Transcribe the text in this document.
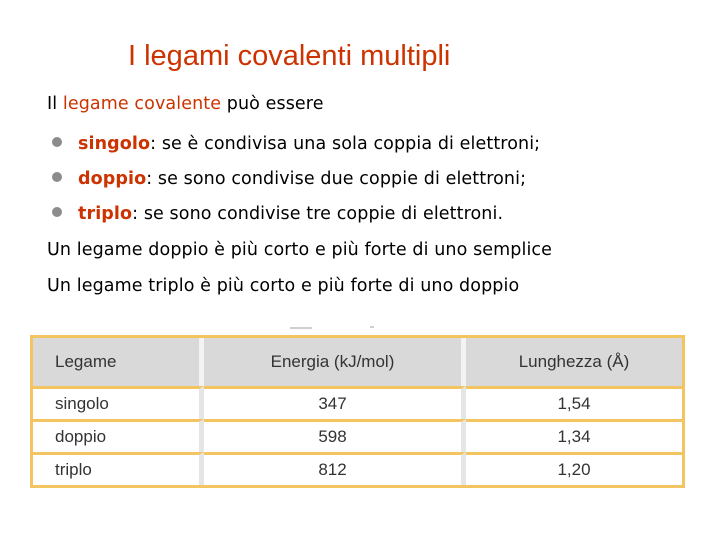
I legami covalenti multipli
Il legame covalente può essere
singolo: se è condivisa una sola coppia di elettroni;
doppio: se sono condivise due coppie di elettroni;
triplo: se sono condivise tre coppie di elettroni.
Un legame doppio è più corto e più forte di uno semplice
Un legame triplo è più corto e più forte di uno doppio
Legame	Energia (kJ/mol)	Lunghezza (Å)
singolo	347	1,54
doppio	598	1,34
triplo	812	1,20
